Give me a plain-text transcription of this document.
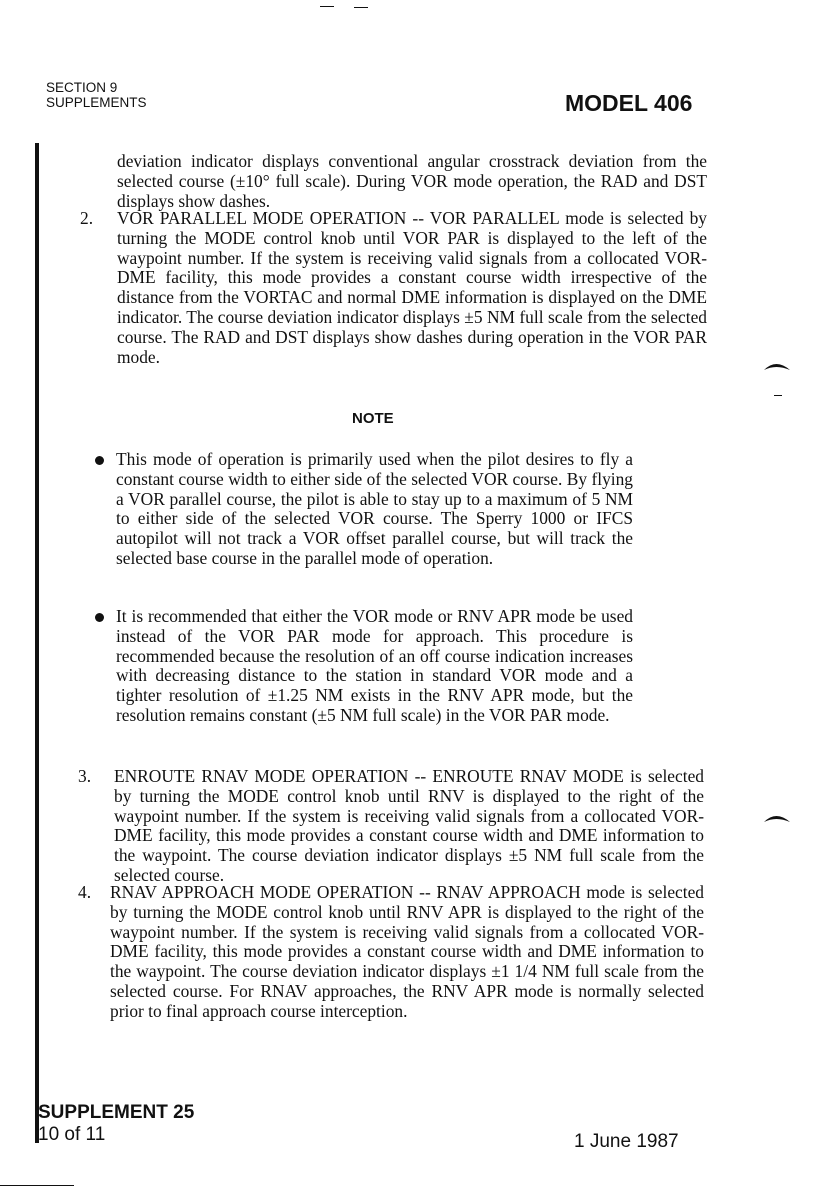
SECTION 9
SUPPLEMENTS	MODEL 406
deviation indicator displays conventional angular crosstrack deviation from the selected course (±10° full scale). During VOR mode operation, the RAD and DST displays show dashes.
2. VOR PARALLEL MODE OPERATION -- VOR PARALLEL mode is selected by turning the MODE control knob until VOR PAR is displayed to the left of the waypoint number. If the system is receiving valid signals from a collocated VOR-DME facility, this mode provides a constant course width irrespective of the distance from the VORTAC and normal DME information is displayed on the DME indicator. The course deviation indicator displays ±5 NM full scale from the selected course. The RAD and DST displays show dashes during operation in the VOR PAR mode.
NOTE
This mode of operation is primarily used when the pilot desires to fly a constant course width to either side of the selected VOR course. By flying a VOR parallel course, the pilot is able to stay up to a maximum of 5 NM to either side of the selected VOR course. The Sperry 1000 or IFCS autopilot will not track a VOR offset parallel course, but will track the selected base course in the parallel mode of operation.
It is recommended that either the VOR mode or RNV APR mode be used instead of the VOR PAR mode for approach. This procedure is recommended because the resolution of an off course indication increases with decreasing distance to the station in standard VOR mode and a tighter resolution of ±1.25 NM exists in the RNV APR mode, but the resolution remains constant (±5 NM full scale) in the VOR PAR mode.
3. ENROUTE RNAV MODE OPERATION -- ENROUTE RNAV MODE is selected by turning the MODE control knob until RNV is displayed to the right of the waypoint number. If the system is receiving valid signals from a collocated VOR-DME facility, this mode provides a constant course width and DME information to the waypoint. The course deviation indicator displays ±5 NM full scale from the selected course.
4. RNAV APPROACH MODE OPERATION -- RNAV APPROACH mode is selected by turning the MODE control knob until RNV APR is displayed to the right of the waypoint number. If the system is receiving valid signals from a collocated VOR-DME facility, this mode provides a constant course width and DME information to the waypoint. The course deviation indicator displays ±1 1/4 NM full scale from the selected course. For RNAV approaches, the RNV APR mode is normally selected prior to final approach course interception.
SUPPLEMENT 25
10 of 11	1 June 1987
